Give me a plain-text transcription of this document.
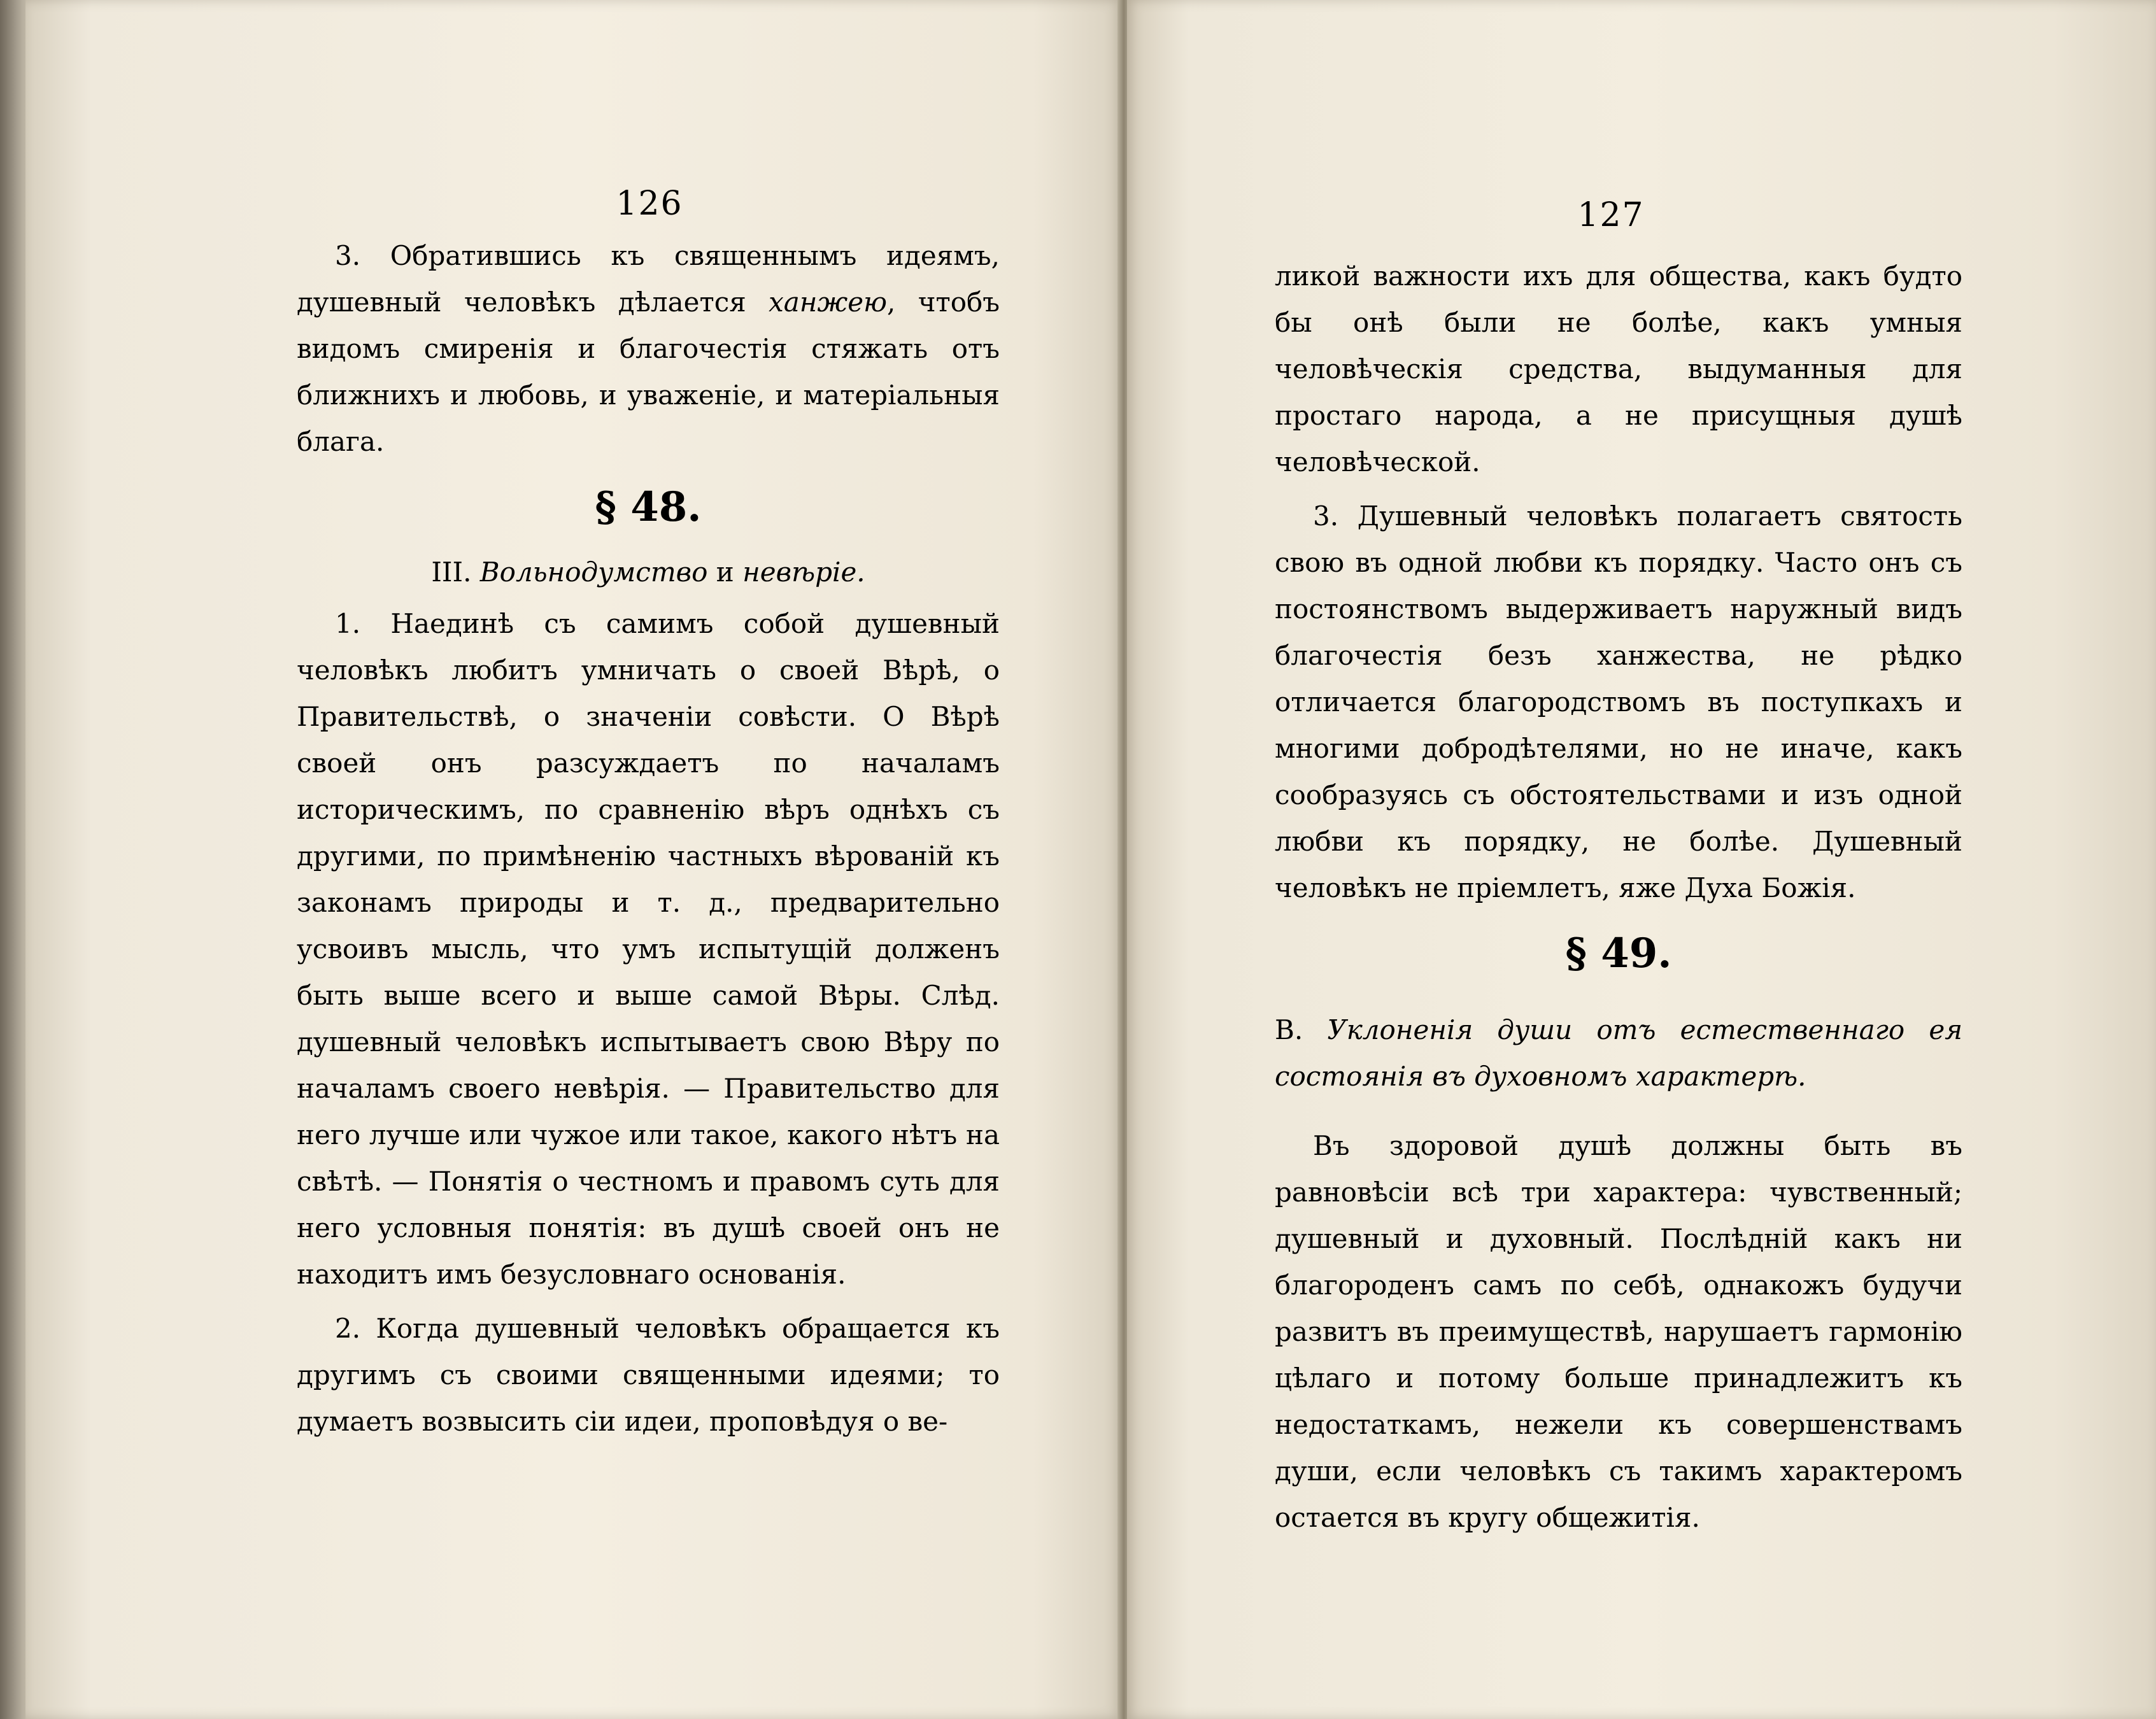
126

3. Обратившись къ священнымъ идеямъ, душевный человѣкъ дѣлается ханжею, чтобъ видомъ смиренія и благочестія стяжать отъ ближнихъ и любовь, и уваженіе, и матеріальныя блага.

§ 48.

III. Вольнодумство и невѣріе.

1. Наединѣ съ самимъ собой душевный человѣкъ любитъ умничать о своей Вѣрѣ, о Правительствѣ, о значеніи совѣсти. О Вѣрѣ своей онъ разсуждаетъ по началамъ историческимъ, по сравненію вѣръ однѣхъ съ другими, по примѣненію частныхъ вѣрованій къ законамъ природы и т. д., предварительно усвоивъ мысль, что умъ испытущій долженъ быть выше всего и выше самой Вѣры. Слѣд. душевный человѣкъ испытываетъ свою Вѣру по началамъ своего невѣрія. — Правительство для него лучше или чужое или такое, какого нѣтъ на свѣтѣ. — Понятія о честномъ и правомъ суть для него условныя понятія: въ душѣ своей онъ не находитъ имъ безусловнаго основанія.

2. Когда душевный человѣкъ обращается къ другимъ съ своими священными идеями; то думаетъ возвысить сіи идеи, проповѣдуя о ве-

127

ликой важности ихъ для общества, какъ будто бы онѣ были не болѣе, какъ умныя человѣческія средства, выдуманныя для простаго народа, а не присущныя душѣ человѣческой.

3. Душевный человѣкъ полагаетъ святость свою въ одной любви къ порядку. Часто онъ съ постоянствомъ выдерживаетъ наружный видъ благочестія безъ ханжества, не рѣдко отличается благородствомъ въ поступкахъ и многими добродѣтелями, но не иначе, какъ сообразуясь съ обстоятельствами и изъ одной любви къ порядку, не болѣе. Душевный человѣкъ не пріемлетъ, яже Духа Божія.

§ 49.

В. Уклоненія души отъ естественнаго ея состоянія въ духовномъ характерѣ.

Въ здоровой душѣ должны быть въ равновѣсіи всѣ три характера: чувственный; душевный и духовный. Послѣдній какъ ни благороденъ самъ по себѣ, однакожъ будучи развитъ въ преимуществѣ, нарушаетъ гармонію цѣлаго и потому больше принадлежитъ къ недостаткамъ, нежели къ совершенствамъ души, если человѣкъ съ такимъ характеромъ остается въ кругу общежитія.
